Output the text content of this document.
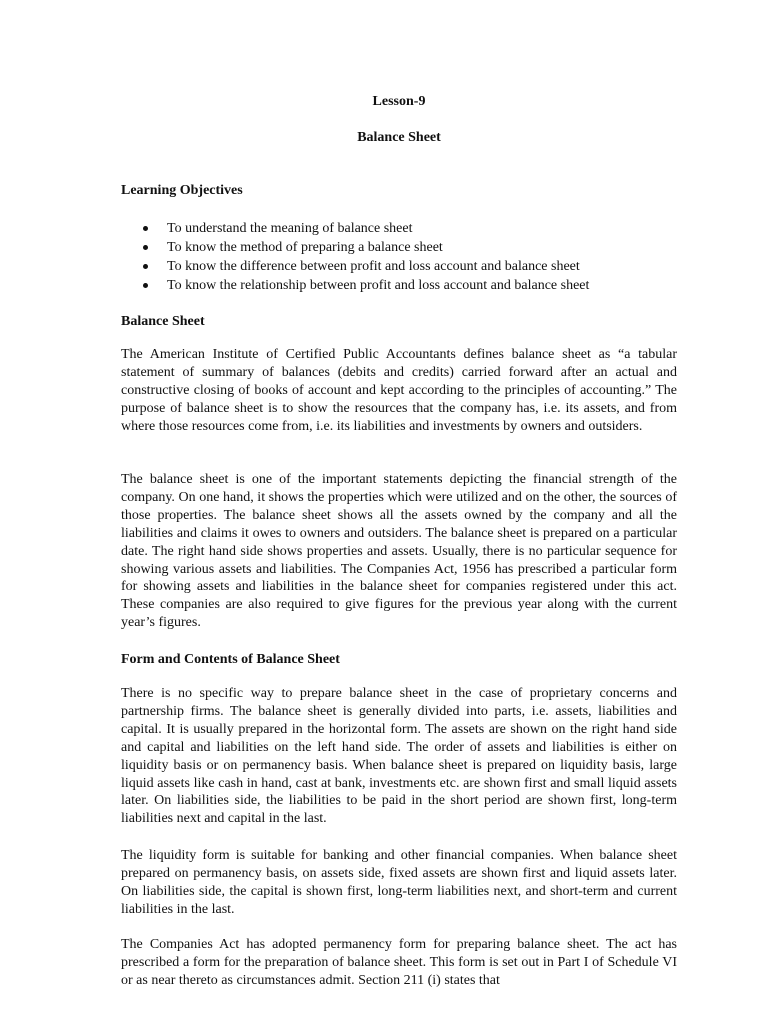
Lesson-9
Balance Sheet
Learning Objectives
To understand the meaning of balance sheet
To know the method of preparing a balance sheet
To know the difference between profit and loss account and balance sheet
To know the relationship between profit and loss account and balance sheet
Balance Sheet
The American Institute of Certified Public Accountants defines balance sheet as “a tabular statement of summary of balances (debits and credits) carried forward after an actual and constructive closing of books of account and kept according to the principles of accounting.” The purpose of balance sheet is to show the resources that the company has, i.e. its assets, and from where those resources come from, i.e. its liabilities and investments by owners and outsiders.
The balance sheet is one of the important statements depicting the financial strength of the company. On one hand, it shows the properties which were utilized and on the other, the sources of those properties. The balance sheet shows all the assets owned by the company and all the liabilities and claims it owes to owners and outsiders. The balance sheet is prepared on a particular date. The right hand side shows properties and assets. Usually, there is no particular sequence for showing various assets and liabilities. The Companies Act, 1956 has prescribed a particular form for showing assets and liabilities in the balance sheet for companies registered under this act. These companies are also required to give figures for the previous year along with the current year’s figures.
Form and Contents of Balance Sheet
There is no specific way to prepare balance sheet in the case of proprietary concerns and partnership firms. The balance sheet is generally divided into parts, i.e. assets, liabilities and capital. It is usually prepared in the horizontal form. The assets are shown on the right hand side and capital and liabilities on the left hand side. The order of assets and liabilities is either on liquidity basis or on permanency basis. When balance sheet is prepared on liquidity basis, large liquid assets like cash in hand, cast at bank, investments etc. are shown first and small liquid assets later. On liabilities side, the liabilities to be paid in the short period are shown first, long-term liabilities next and capital in the last.
The liquidity form is suitable for banking and other financial companies. When balance sheet prepared on permanency basis, on assets side, fixed assets are shown first and liquid assets later. On liabilities side, the capital is shown first, long-term liabilities next, and short-term and current liabilities in the last.
The Companies Act has adopted permanency form for preparing balance sheet. The act has prescribed a form for the preparation of balance sheet. This form is set out in Part I of Schedule VI or as near thereto as circumstances admit. Section 211 (i) states that
